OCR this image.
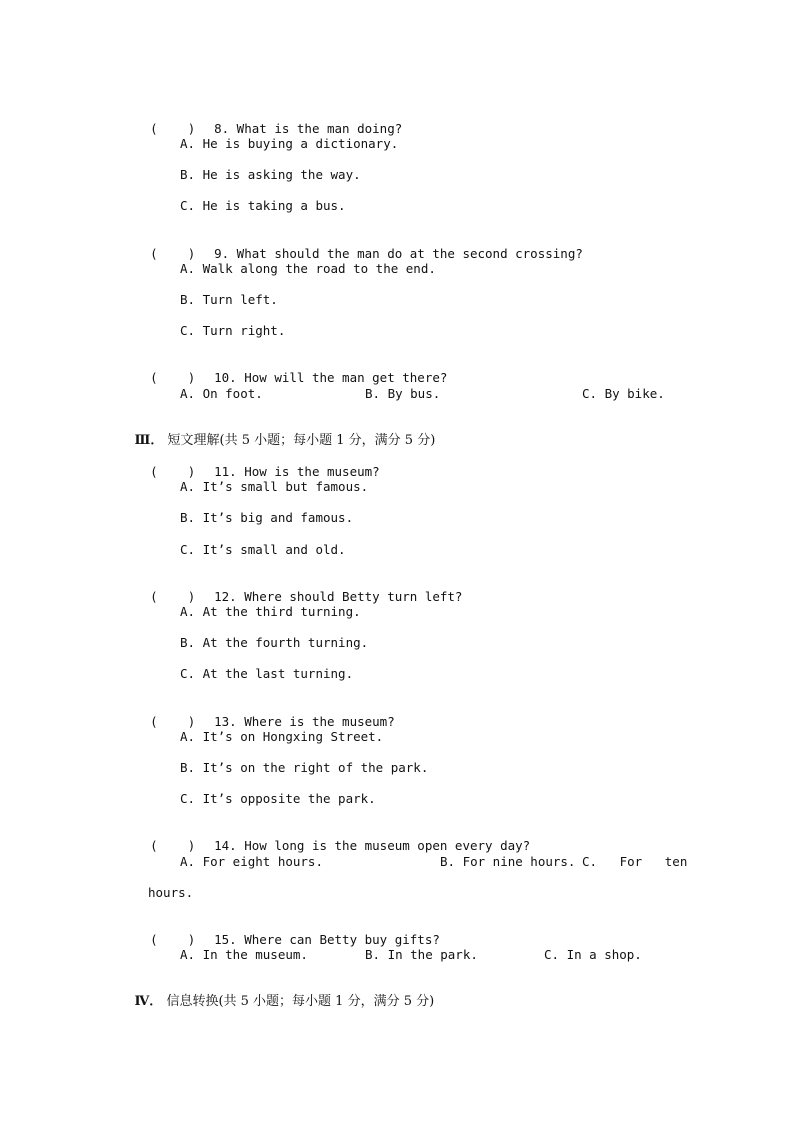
(    ) 8. What is the man doing?

A. He is buying a dictionary.
B. He is asking the way.
C. He is taking a bus.

(    ) 9. What should the man do at the second crossing?

A. Walk along the road to the end.
B. Turn left.
C. Turn right.

(    ) 10. How will the man get there?

A. On foot.	B. By bus.	C. By bike.

Ⅲ． 短文理解(共 5 小题；每小题 1 分，满分 5 分)

(    ) 11. How is the museum?

A. It’s small but famous.
B. It’s big and famous.
C. It’s small and old.

(    ) 12. Where should Betty turn left?

A. At the third turning.
B. At the fourth turning.
C. At the last turning.

(    ) 13. Where is the museum?

A. It’s on Hongxing Street.
B. It’s on the right of the park.
C. It’s opposite the park.

(    ) 14. How long is the museum open every day?

A. For eight hours.	B. For nine hours. C.   For   ten
hours.

(    ) 15. Where can Betty buy gifts?

A. In the museum.	B. In the park.	C. In a shop.

Ⅳ． 信息转换(共 5 小题；每小题 1 分，满分 5 分)
